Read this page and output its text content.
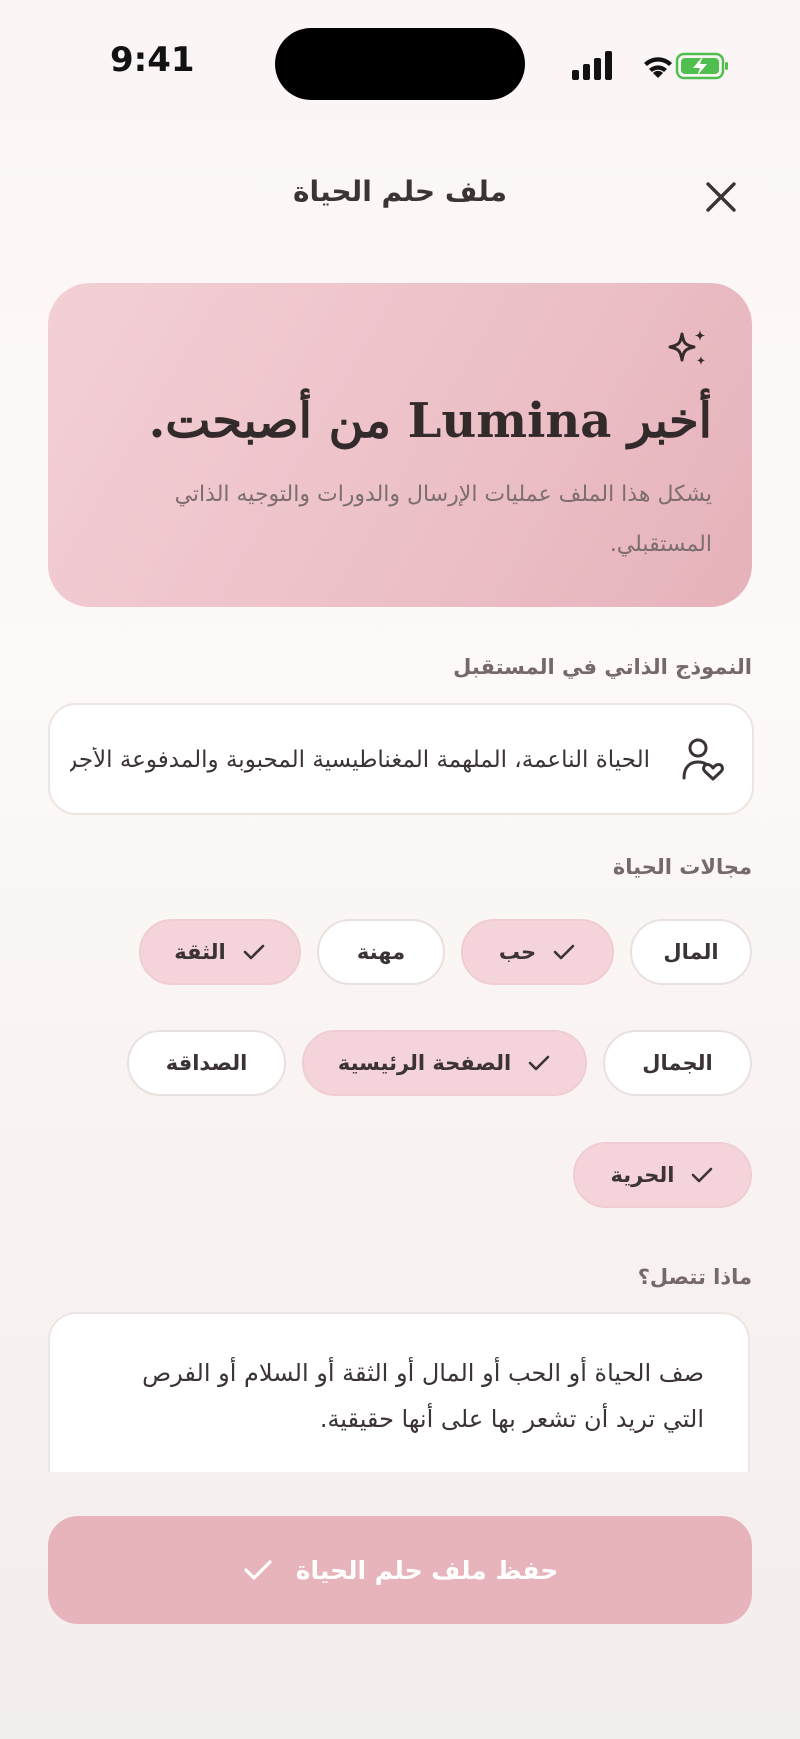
9:41
ملف حلم الحياة
أخبر Lumina من أصبحت.
يشكل هذا الملف عمليات الإرسال والدورات والتوجيه الذاتي المستقبلي.
النموذج الذاتي في المستقبل
الحياة الناعمة، الملهمة المغناطيسية المحبوبة والمدفوعة الأجر
مجالات الحياة
المال
حب
مهنة
الثقة
الجمال
الصفحة الرئيسية
الصداقة
الحرية
ماذا تتصل؟
صف الحياة أو الحب أو المال أو الثقة أو السلام أو الفرص التي تريد أن تشعر بها على أنها حقيقية.
حفظ ملف حلم الحياة
